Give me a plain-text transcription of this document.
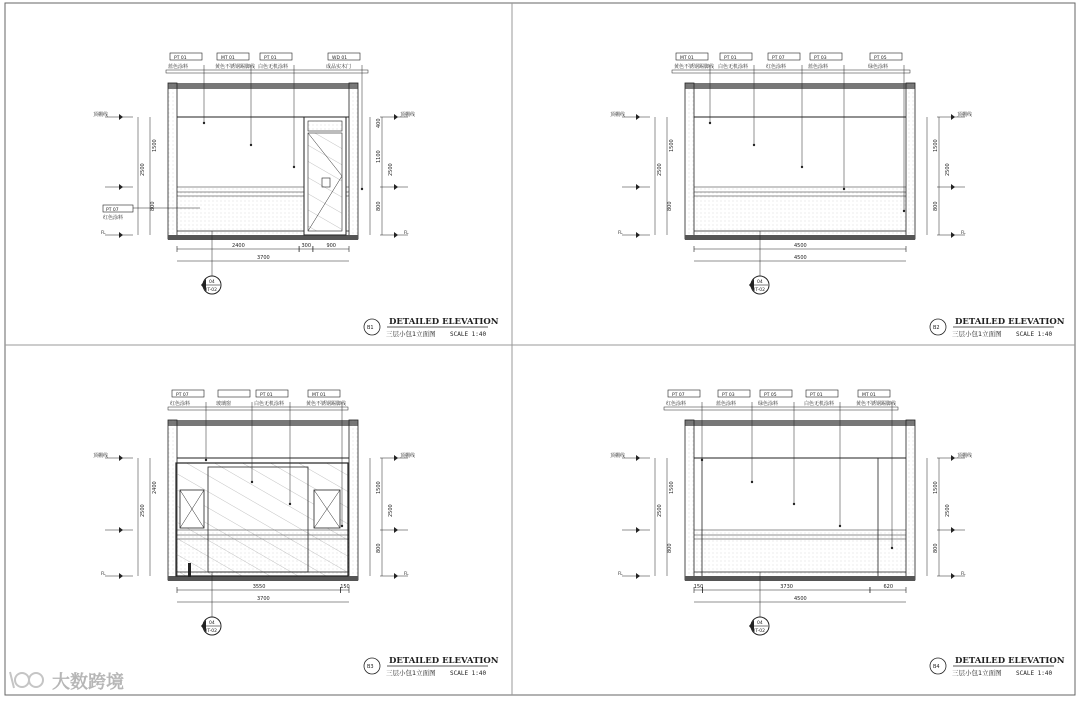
大数跨境
PT 01
蓝色涂料
MT 01
黄色不锈钢踢脚线
PT 01
白色无机涂料
WD 01
成品实木门
PT 07
红色涂料
顶棚线
FL
顶棚线
FL
2500
1500
800
400
1100
2500
800
2400	300	900
3700
04
IT-02
B1
DETAILED ELEVATION
三层小包1立面图 SCALE 1:40
MT 01
黄色不锈钢踢脚线
PT 01
白色无机涂料
PT 07
红色涂料
PT 03
蓝色涂料
PT 05
绿色涂料
顶棚线
FL
顶棚线
FL
2500
1500
800
1500
2500
800
4500
4500
04
IT-02
B2
DETAILED ELEVATION
三层小包1立面图 SCALE 1:40
PT 07
红色涂料	玻璃窗
PT 01
白色无机涂料
MT 01
黄色不锈钢踢脚线
顶棚线
FL
顶棚线
FL
2500
2400	1500
2500
800
3550	150
3700
04
IT-02
B3
DETAILED ELEVATION
三层小包1立面图 SCALE 1:40
PT 07
红色涂料
PT 03
蓝色涂料
PT 05
绿色涂料
PT 01
白色无机涂料
MT 01
黄色不锈钢踢脚线
顶棚线
FL
顶棚线
FL
2500
1500
800
1500
2500
800
150	3730	620
4500
04
IT-02
B4
DETAILED ELEVATION
三层小包1立面图 SCALE 1:40
